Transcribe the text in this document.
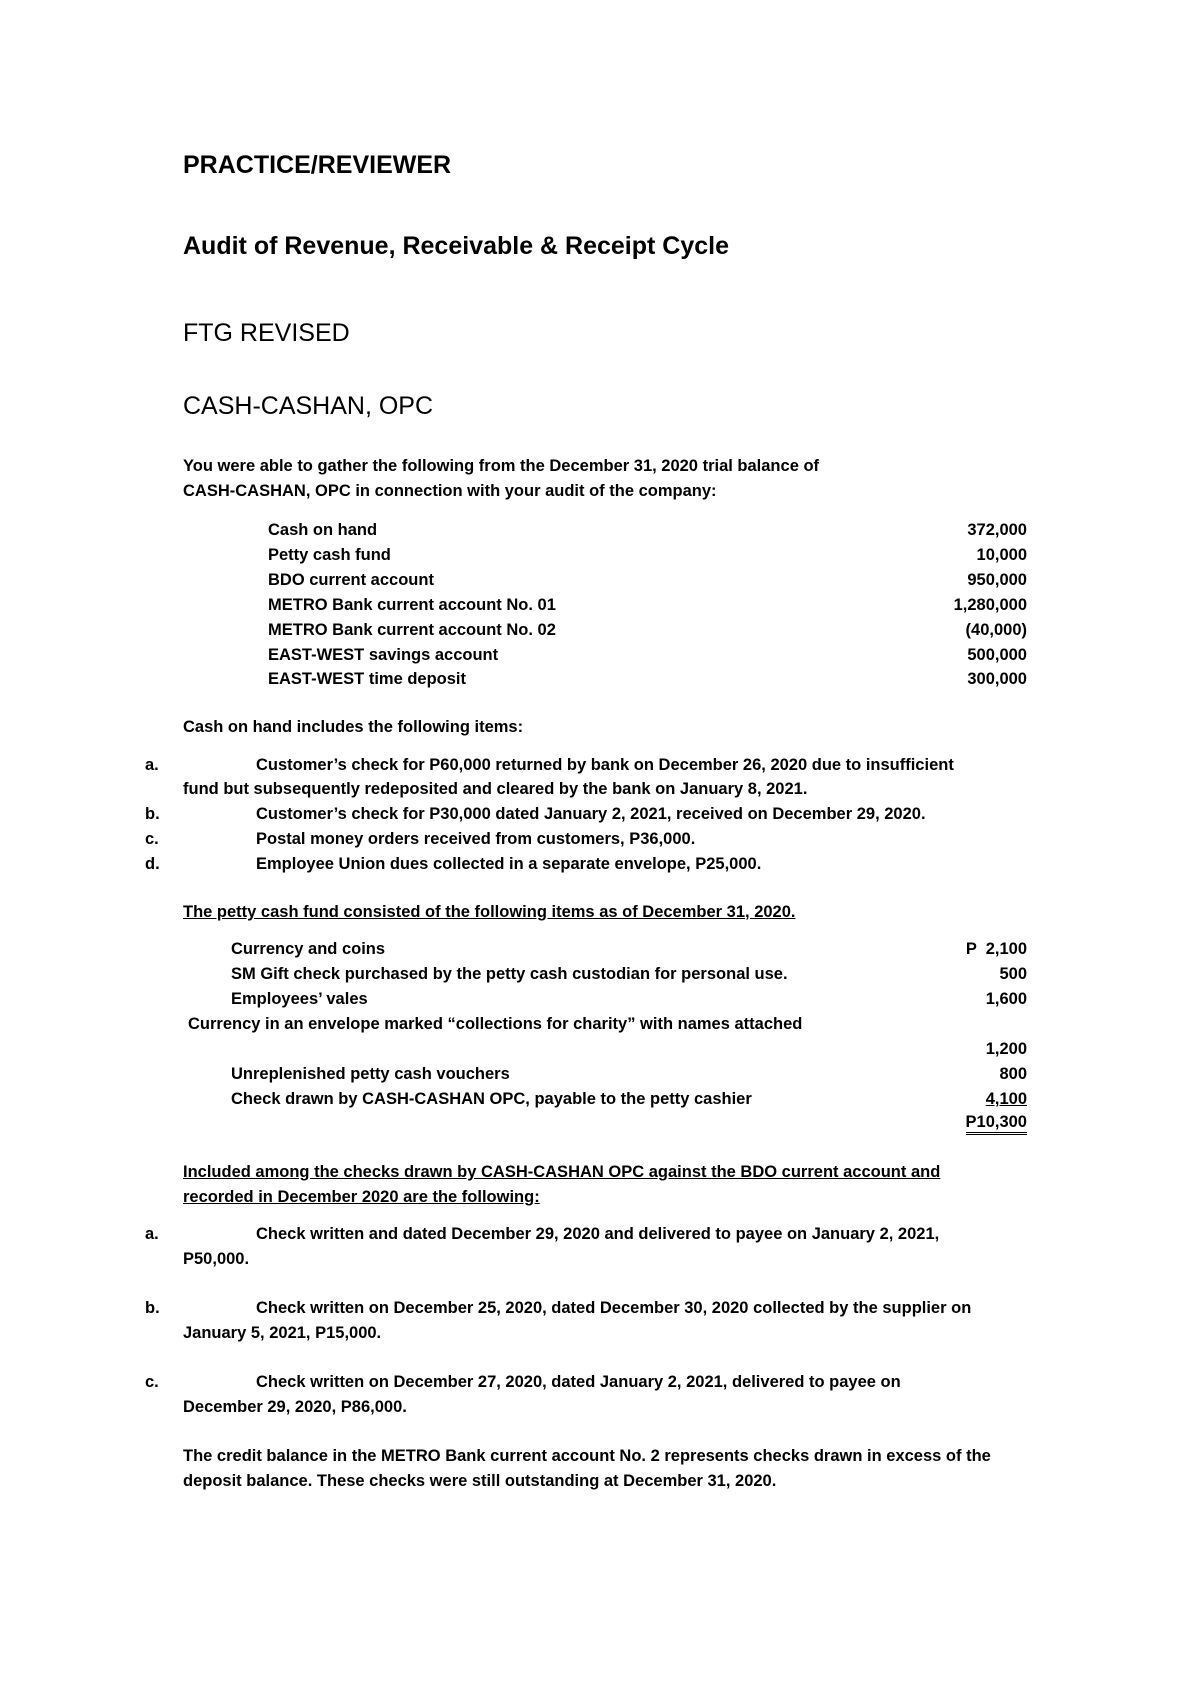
PRACTICE/REVIEWER
Audit of Revenue, Receivable & Receipt Cycle
FTG REVISED
CASH-CASHAN, OPC
You were able to gather the following from the December 31, 2020 trial balance of
CASH-CASHAN, OPC in connection with your audit of the company:
Cash on hand	372,000
Petty cash fund	10,000
BDO current account	950,000
METRO Bank current account No. 01	1,280,000
METRO Bank current account No. 02	(40,000)
EAST-WEST savings account	500,000
EAST-WEST time deposit	300,000
Cash on hand includes the following items:
a.	Customer’s check for P60,000 returned by bank on December 26, 2020 due to insufficient
fund but subsequently redeposited and cleared by the bank on January 8, 2021.
b.	Customer’s check for P30,000 dated January 2, 2021, received on December 29, 2020.
c.	Postal money orders received from customers, P36,000.
d.	Employee Union dues collected in a separate envelope, P25,000.
The petty cash fund consisted of the following items as of December 31, 2020.
Currency and coins	P  2,100
SM Gift check purchased by the petty cash custodian for personal use.	500
Employees’ vales	1,600
Currency in an envelope marked “collections for charity” with names attached
1,200
Unreplenished petty cash vouchers	800
Check drawn by CASH-CASHAN OPC, payable to the petty cashier	4,100
P10,300
Included among the checks drawn by CASH-CASHAN OPC against the BDO current account and
recorded in December 2020 are the following:
a.	Check written and dated December 29, 2020 and delivered to payee on January 2, 2021,
P50,000.
b.	Check written on December 25, 2020, dated December 30, 2020 collected by the supplier on
January 5, 2021, P15,000.
c.	Check written on December 27, 2020, dated January 2, 2021, delivered to payee on
December 29, 2020, P86,000.
The credit balance in the METRO Bank current account No. 2 represents checks drawn in excess of the
deposit balance. These checks were still outstanding at December 31, 2020.
